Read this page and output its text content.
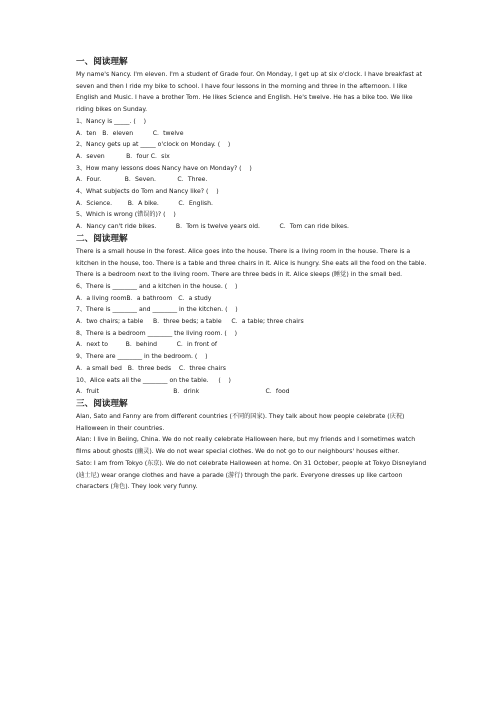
一、阅读理解

My name's Nancy. I'm eleven. I'm a student of Grade four. On Monday, I get up at six o'clock. I have breakfast at seven and then I ride my bike to school. I have four lessons in the morning and three in the afternoon. I like English and Music. I have a brother Tom. He likes Science and English. He's twelve. He has a bike too. We like riding bikes on Sunday.

1、Nancy is _____. (    )
A．ten   B．eleven          C．twelve
2、Nancy gets up at _____ o'clock on Monday. (    )
A．seven           B．four C．six
3、How many lessons does Nancy have on Monday? (    )
A．Four.            B．Seven.           C．Three.
4、What subjects do Tom and Nancy like? (    )
A．Science.        B．A bike.          C．English.
5、Which is wrong (错误的)? (    )
A．Nancy can't ride bikes.          B．Tom is twelve years old.          C．Tom can ride bikes.
二、阅读理解

There is a small house in the forest. Alice goes into the house. There is a living room in the house. There is a kitchen in the house, too. There is a table and three chairs in it. Alice is hungry. She eats all the food on the table. There is a bedroom next to the living room. There are three beds in it. Alice sleeps (睡觉) in the small bed.

6、There is ________ and a kitchen in the house. (    )
A．a living roomB．a bathroom   C．a study
7、There is ________ and ________ in the kitchen. (    )
A．two chairs; a table     B．three beds; a table     C．a table; three chairs
8、There is a bedroom ________ the living room. (    )
A．next to         B．behind          C．in front of
9、There are ________ in the bedroom. (    )
A．a small bed   B．three beds    C．three chairs
10、Alice eats all the ________ on the table.     (    )
A．fruit                                      B．drink                                  C．food
三、阅读理解

Alan, Sato and Fanny are from different countries (不同的国家). They talk about how people celebrate (庆祝) Halloween in their countries.

Alan: I live in Beiing, China. We do not really celebrate Halloween here, but my friends and I sometimes watch films about ghosts (幽灵). We do not wear special clothes. We do not go to our neighbours' houses either.

Sato: I am from Tokyo (东京). We do not celebrate Halloween at home. On 31 October, people at Tokyo Disneyland (迪士尼) wear orange clothes and have a parade (游行) through the park. Everyone dresses up like cartoon characters (角色). They look very funny.
